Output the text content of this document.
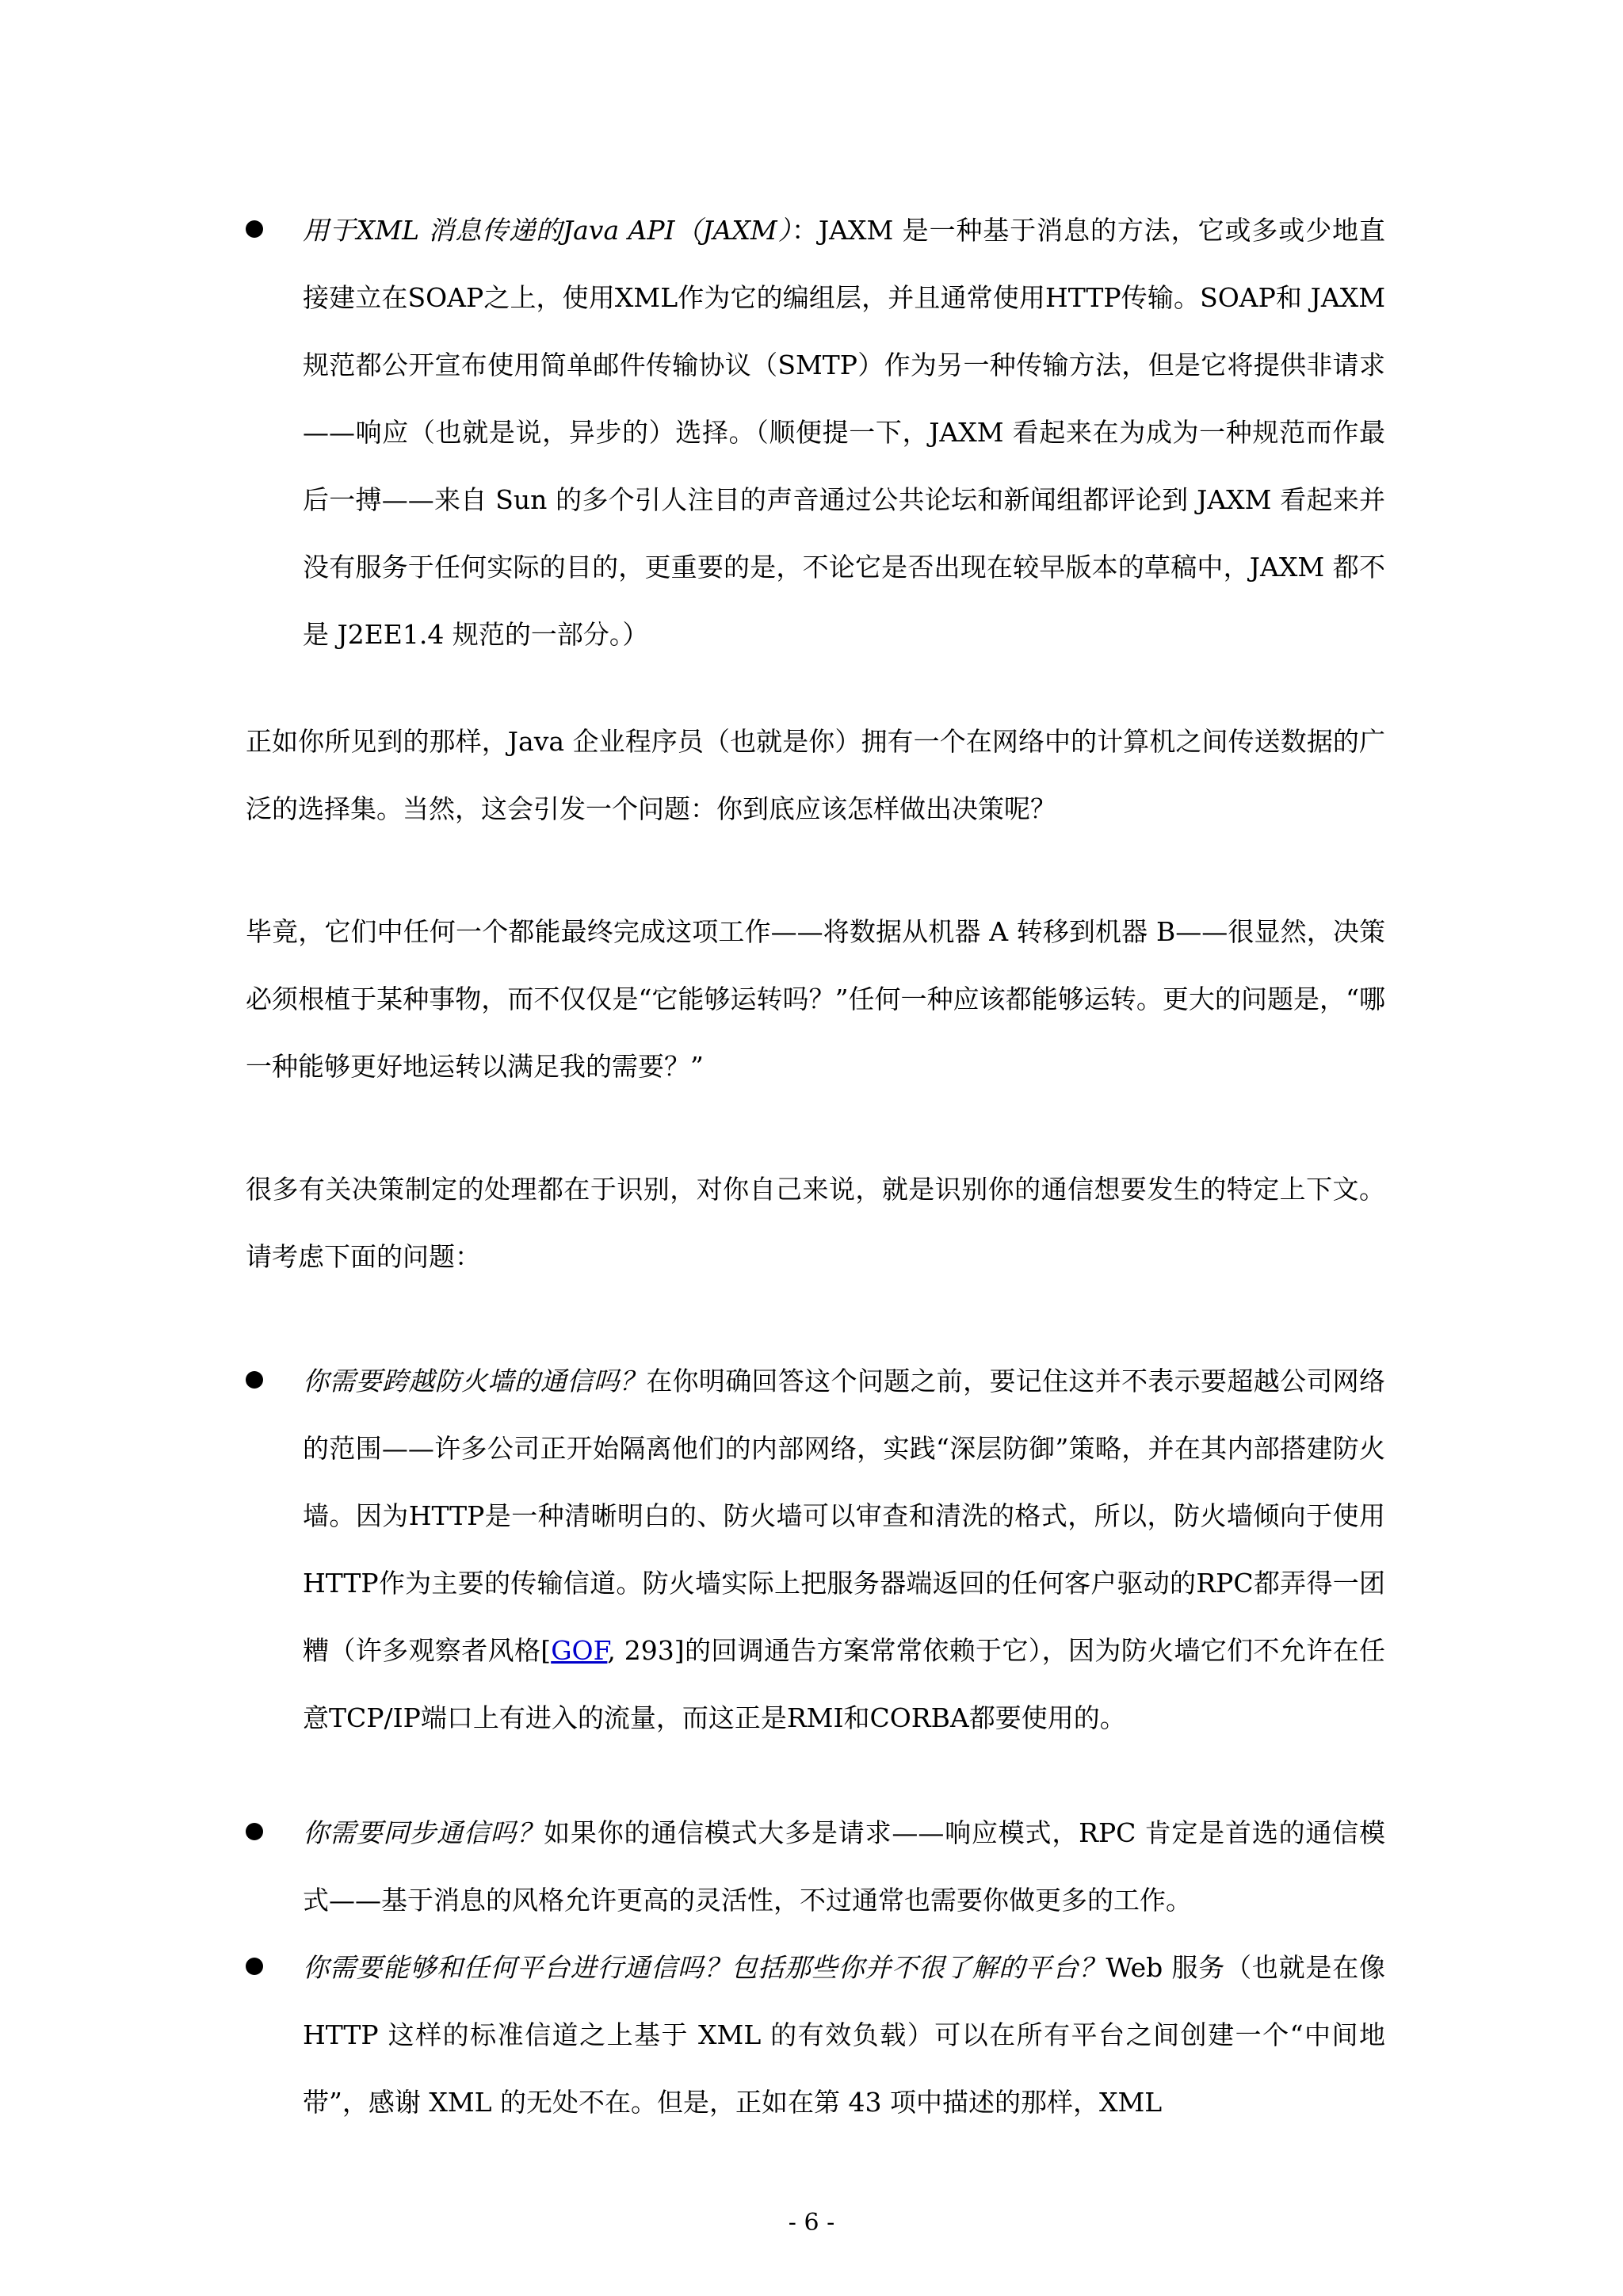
用于XML 消息传递的Java API（JAXM）：JAXM 是一种基于消息的方法，它或多或少地直接建立在SOAP之上，使用XML作为它的编组层，并且通常使用HTTP传输。SOAP和 JAXM 规范都公开宣布使用简单邮件传输协议（SMTP）作为另一种传输方法，但是它将提供非请求——响应（也就是说，异步的）选择。（顺便提一下，JAXM 看起来在为成为一种规范而作最后一搏——来自 Sun 的多个引人注目的声音通过公共论坛和新闻组都评论到 JAXM 看起来并没有服务于任何实际的目的，更重要的是，不论它是否出现在较早版本的草稿中，JAXM 都不是 J2EE1.4 规范的一部分。）
正如你所见到的那样，Java 企业程序员（也就是你）拥有一个在网络中的计算机之间传送数据的广泛的选择集。当然，这会引发一个问题：你到底应该怎样做出决策呢？
毕竟，它们中任何一个都能最终完成这项工作——将数据从机器 A 转移到机器 B——很显然，决策必须根植于某种事物，而不仅仅是“它能够运转吗？”任何一种应该都能够运转。更大的问题是，“哪一种能够更好地运转以满足我的需要？”
很多有关决策制定的处理都在于识别，对你自己来说，就是识别你的通信想要发生的特定上下文。请考虑下面的问题：
你需要跨越防火墙的通信吗？在你明确回答这个问题之前，要记住这并不表示要超越公司网络的范围——许多公司正开始隔离他们的内部网络，实践“深层防御”策略，并在其内部搭建防火墙。因为HTTP是一种清晰明白的、防火墙可以审查和清洗的格式，所以，防火墙倾向于使用HTTP作为主要的传输信道。防火墙实际上把服务器端返回的任何客户驱动的RPC都弄得一团糟（许多观察者风格[GOF, 293]的回调通告方案常常依赖于它），因为防火墙它们不允许在任意TCP/IP端口上有进入的流量，而这正是RMI和CORBA都要使用的。
你需要同步通信吗？如果你的通信模式大多是请求——响应模式，RPC 肯定是首选的通信模式——基于消息的风格允许更高的灵活性，不过通常也需要你做更多的工作。
你需要能够和任何平台进行通信吗？包括那些你并不很了解的平台？Web 服务（也就是在像 HTTP 这样的标准信道之上基于 XML 的有效负载）可以在所有平台之间创建一个“中间地带”，感谢 XML 的无处不在。但是，正如在第 43 项中描述的那样，XML
- 6 -
